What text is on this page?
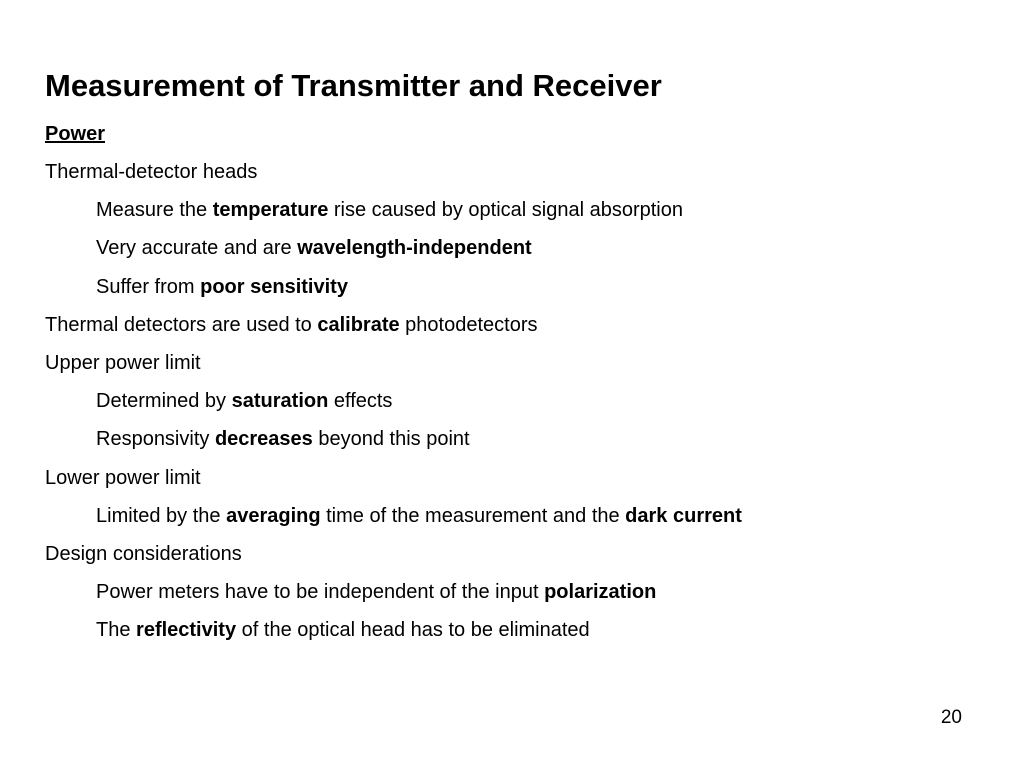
Measurement of Transmitter and Receiver
Power
Thermal-detector heads
Measure the temperature rise caused by optical signal absorption
Very accurate and are wavelength-independent
Suffer from poor sensitivity
Thermal detectors are used to calibrate photodetectors
Upper power limit
Determined by saturation effects
Responsivity decreases beyond this point
Lower power limit
Limited by the averaging time of the measurement and the dark current
Design considerations
Power meters have to be independent of the input polarization
The reflectivity of the optical head has to be eliminated
20
